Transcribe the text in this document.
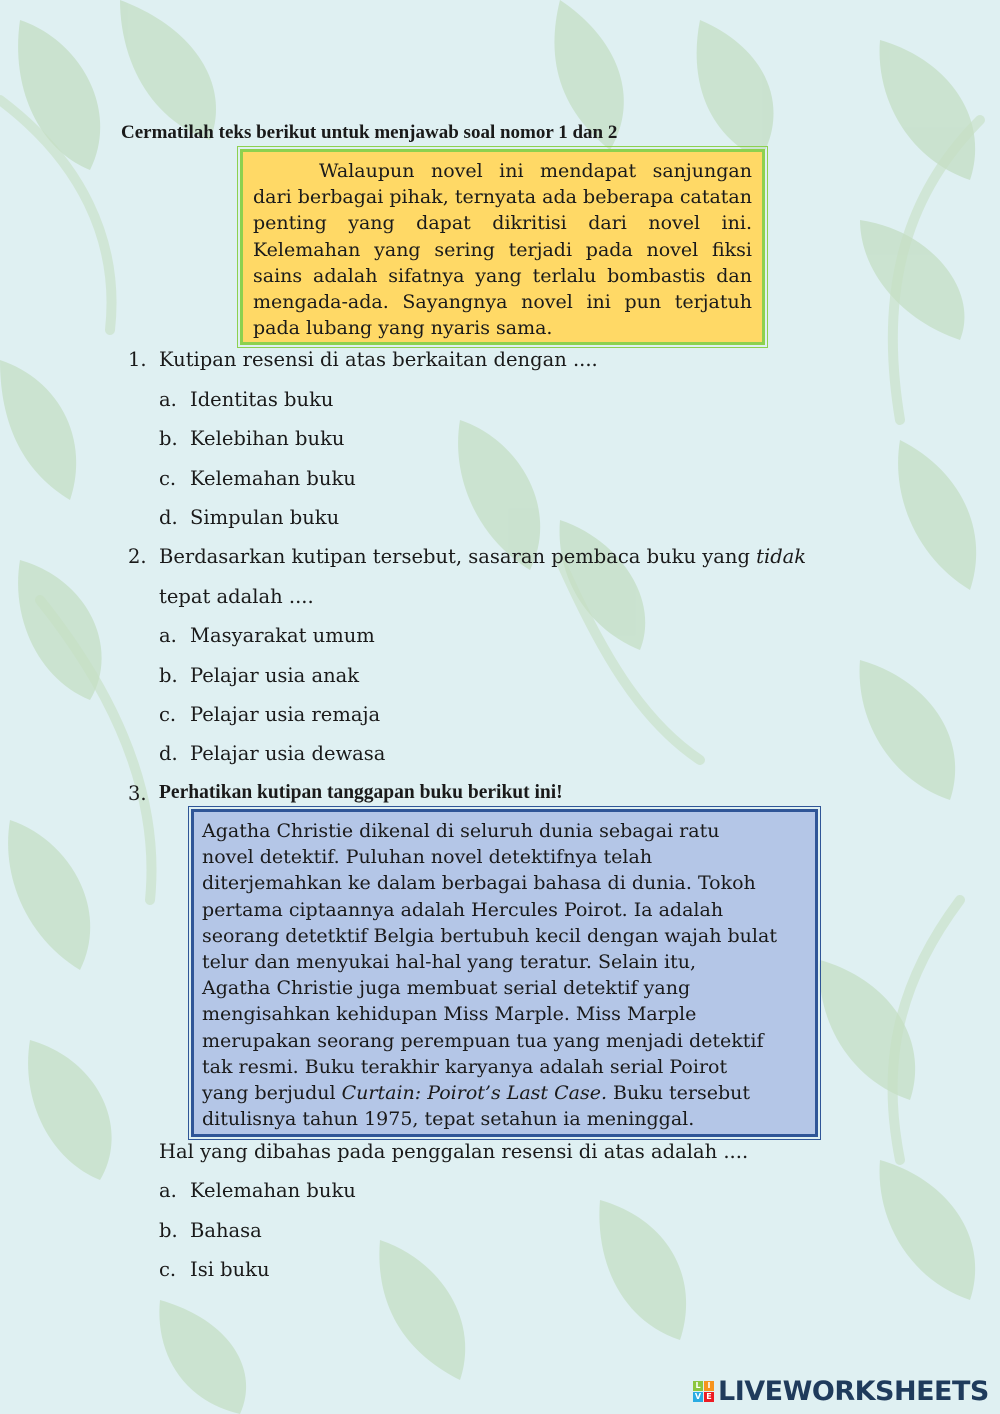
Cermatilah teks berikut untuk menjawab soal nomor 1 dan 2
Walaupun novel ini mendapat sanjungan dari berbagai pihak, ternyata ada beberapa catatan penting yang dapat dikritisi dari novel ini. Kelemahan yang sering terjadi pada novel fiksi sains adalah sifatnya yang terlalu bombastis dan mengada-ada. Sayangnya novel ini pun terjatuh pada lubang yang nyaris sama.
1. Kutipan resensi di atas berkaitan dengan ....
a. Identitas buku
b. Kelebihan buku
c. Kelemahan buku
d. Simpulan buku
2. Berdasarkan kutipan tersebut, sasaran pembaca buku yang tidak
tepat adalah ....
a. Masyarakat umum
b. Pelajar usia anak
c. Pelajar usia remaja
d. Pelajar usia dewasa
3. Perhatikan kutipan tanggapan buku berikut ini!

Agatha Christie dikenal di seluruh dunia sebagai ratu

novel detektif. Puluhan novel detektifnya telah

diterjemahkan ke dalam berbagai bahasa di dunia. Tokoh

pertama ciptaannya adalah Hercules Poirot. Ia adalah

seorang detetktif Belgia bertubuh kecil dengan wajah bulat

telur dan menyukai hal-hal yang teratur. Selain itu,

Agatha Christie juga membuat serial detektif yang

mengisahkan kehidupan Miss Marple. Miss Marple

merupakan seorang perempuan tua yang menjadi detektif

tak resmi. Buku terakhir karyanya adalah serial Poirot

yang berjudul Curtain: Poirot’s Last Case. Buku tersebut

ditulisnya tahun 1975, tepat setahun ia meninggal.

Hal yang dibahas pada penggalan resensi di atas adalah ....
a. Kelemahan buku
b. Bahasa
c. Isi buku
L I
V E LIVEWORKSHEETS
